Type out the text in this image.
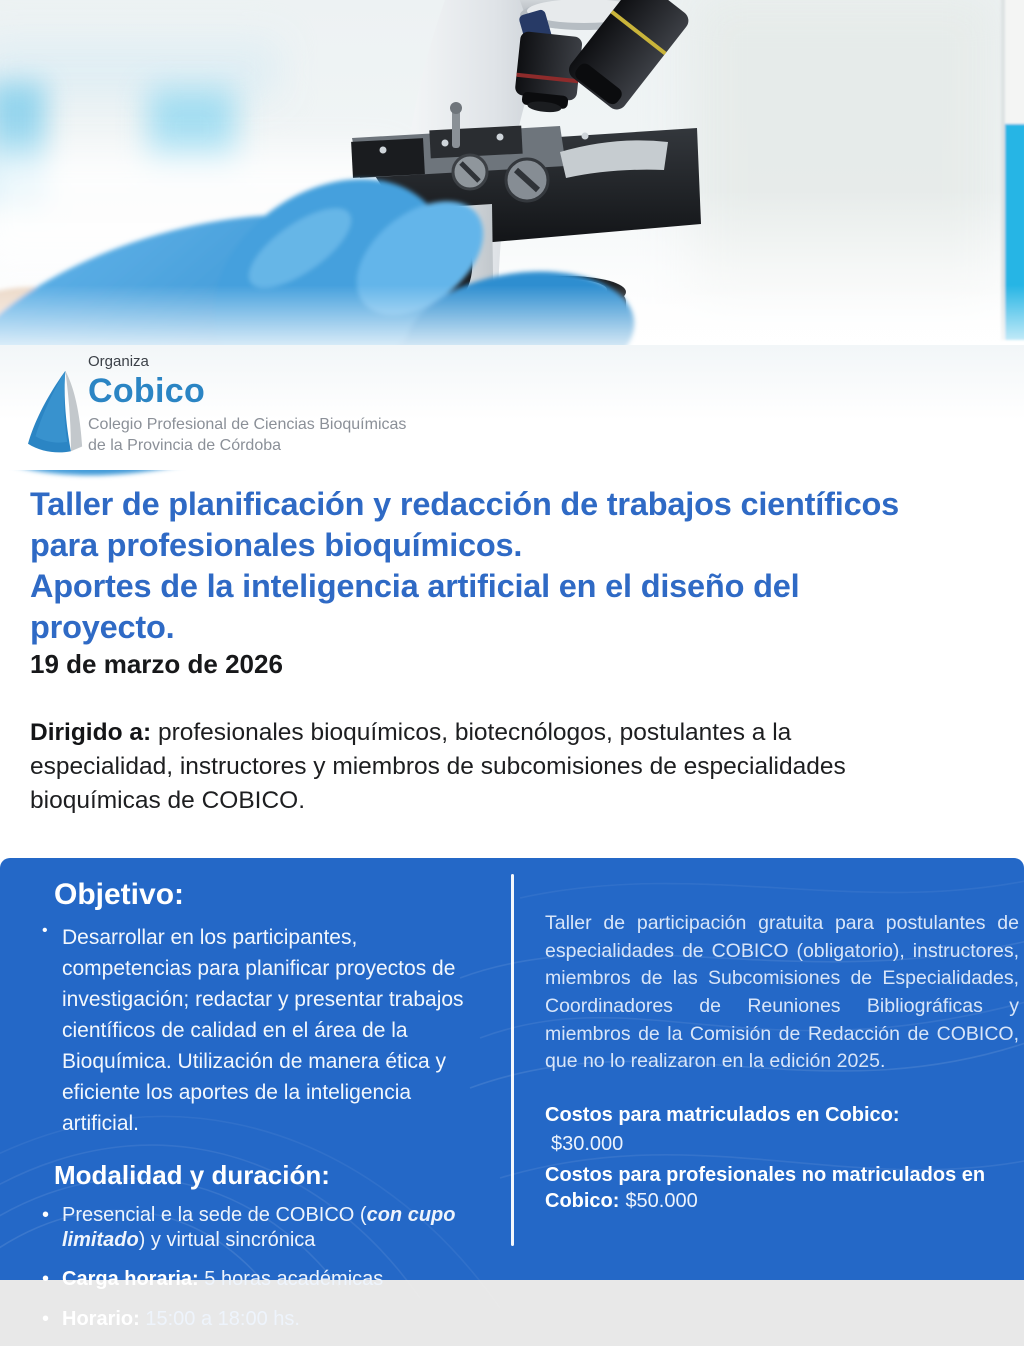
Organiza
Cobico
Colegio Profesional de Ciencias Bioquímicas
de la Provincia de Córdoba
Taller de planificación y redacción de trabajos científicos
para profesionales bioquímicos.
Aportes de la inteligencia artificial en el diseño del
proyecto.
19 de marzo de 2026

Dirigido a: profesionales bioquímicos, biotecnólogos, postulantes a la especialidad, instructores y miembros de subcomisiones de especialidades bioquímicas de COBICO.

Objetivo:
• Desarrollar en los participantes, competencias para planificar proyectos de investigación; redactar y presentar trabajos científicos de calidad en el área de la Bioquímica. Utilización de manera ética y eficiente los aportes de la inteligencia artificial.
Modalidad y duración:
• Presencial e la sede de COBICO (con cupo limitado) y virtual sincrónica
• Carga horaria: 5 horas académicas
• Horario: 15:00 a 18:00 hs.

Taller de participación gratuita para postulantes de especialidades de COBICO (obligatorio), instructores, miembros de las Subcomisiones de Especialidades, Coordinadores de Reuniones Bibliográficas y miembros de la Comisión de Redacción de COBICO, que no lo realizaron en la edición 2025.

Costos para matriculados en Cobico:
$30.000
Costos para profesionales no matriculados en Cobico: $50.000
